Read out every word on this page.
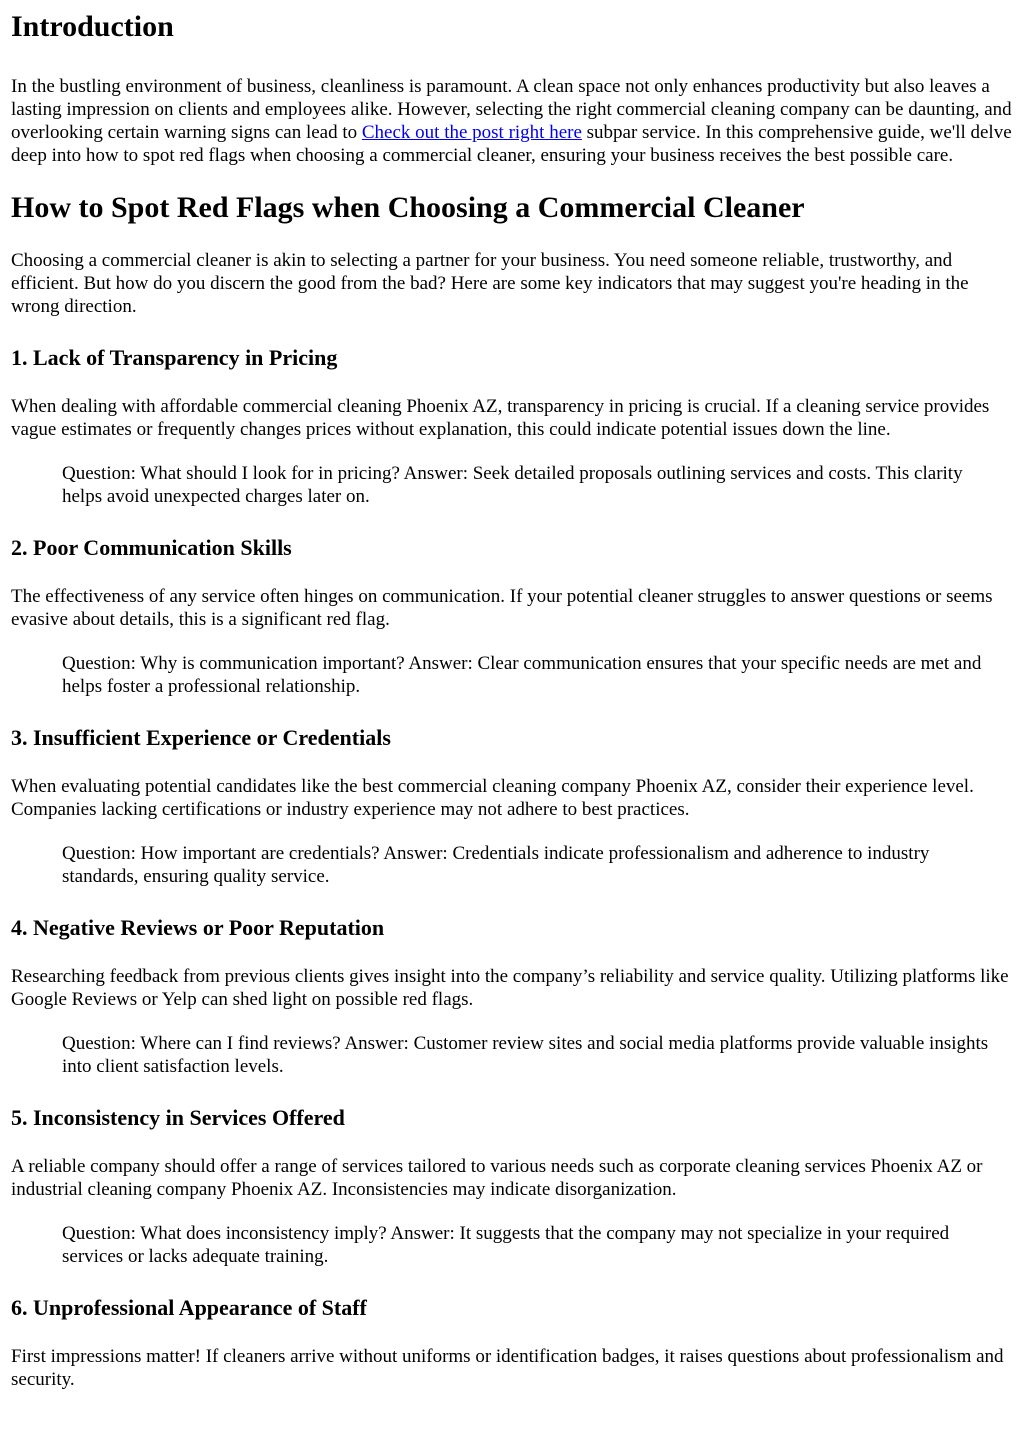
Introduction

In the bustling environment of business, cleanliness is paramount. A clean space not only enhances productivity but also leaves a lasting impression on clients and employees alike. However, selecting the right commercial cleaning company can be daunting, and overlooking certain warning signs can lead to Check out the post right here subpar service. In this comprehensive guide, we'll delve deep into how to spot red flags when choosing a commercial cleaner, ensuring your business receives the best possible care.

How to Spot Red Flags when Choosing a Commercial Cleaner

Choosing a commercial cleaner is akin to selecting a partner for your business. You need someone reliable, trustworthy, and efficient. But how do you discern the good from the bad? Here are some key indicators that may suggest you're heading in the wrong direction.

1. Lack of Transparency in Pricing

When dealing with affordable commercial cleaning Phoenix AZ, transparency in pricing is crucial. If a cleaning service provides vague estimates or frequently changes prices without explanation, this could indicate potential issues down the line.

Question: What should I look for in pricing? Answer: Seek detailed proposals outlining services and costs. This clarity helps avoid unexpected charges later on.
2. Poor Communication Skills

The effectiveness of any service often hinges on communication. If your potential cleaner struggles to answer questions or seems evasive about details, this is a significant red flag.

Question: Why is communication important? Answer: Clear communication ensures that your specific needs are met and helps foster a professional relationship.
3. Insufficient Experience or Credentials

When evaluating potential candidates like the best commercial cleaning company Phoenix AZ, consider their experience level. Companies lacking certifications or industry experience may not adhere to best practices.

Question: How important are credentials? Answer: Credentials indicate professionalism and adherence to industry standards, ensuring quality service.
4. Negative Reviews or Poor Reputation

Researching feedback from previous clients gives insight into the company’s reliability and service quality. Utilizing platforms like Google Reviews or Yelp can shed light on possible red flags.

Question: Where can I find reviews? Answer: Customer review sites and social media platforms provide valuable insights into client satisfaction levels.
5. Inconsistency in Services Offered

A reliable company should offer a range of services tailored to various needs such as corporate cleaning services Phoenix AZ or industrial cleaning company Phoenix AZ. Inconsistencies may indicate disorganization.

Question: What does inconsistency imply? Answer: It suggests that the company may not specialize in your required services or lacks adequate training.
6. Unprofessional Appearance of Staff

First impressions matter! If cleaners arrive without uniforms or identification badges, it raises questions about professionalism and security.
